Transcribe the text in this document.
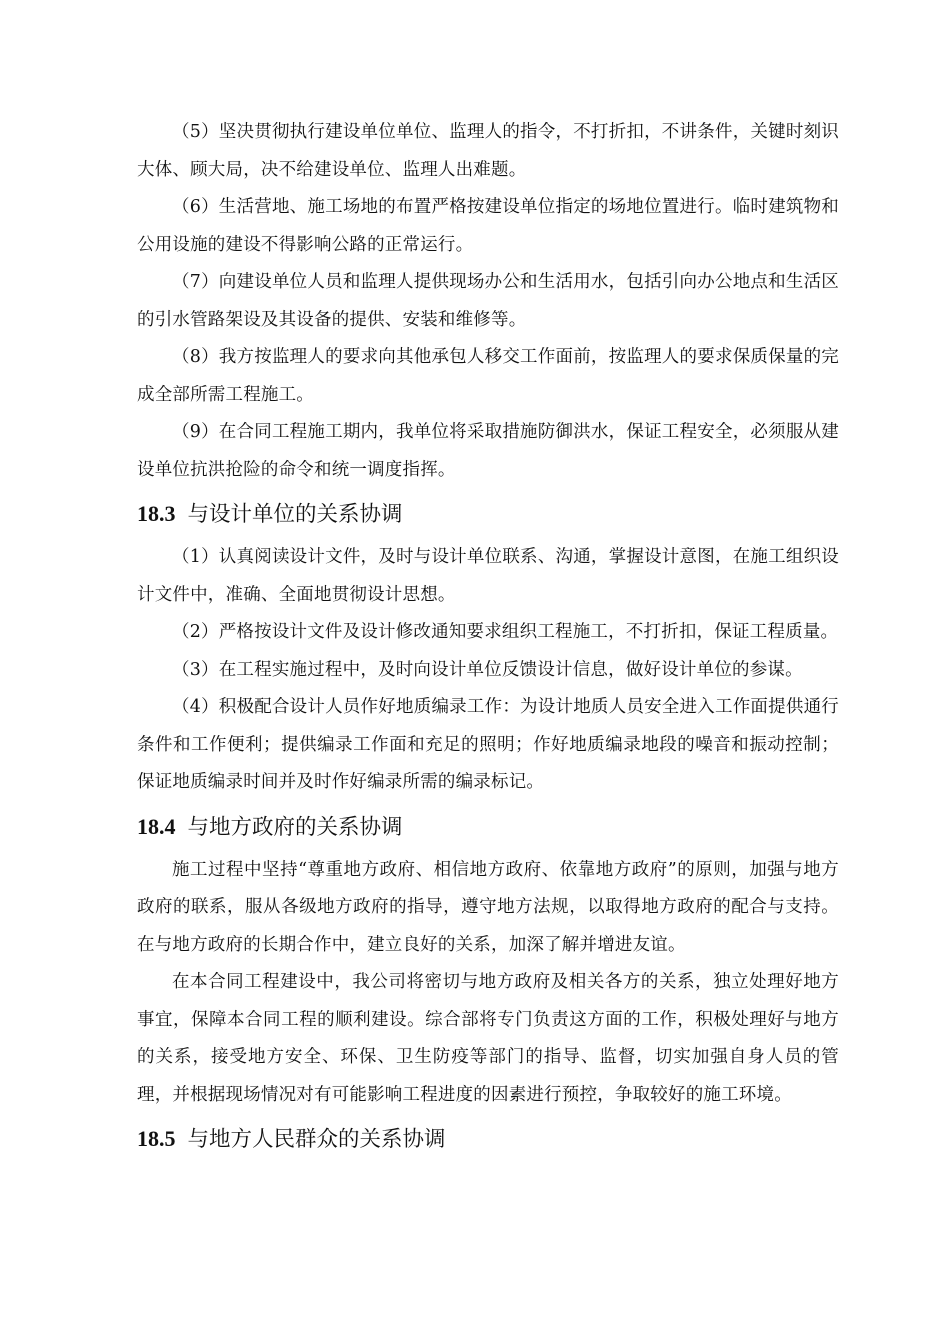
（5）坚决贯彻执行建设单位单位、监理人的指令，不打折扣，不讲条件，关键时刻识大体、顾大局，决不给建设单位、监理人出难题。

（6）生活营地、施工场地的布置严格按建设单位指定的场地位置进行。临时建筑物和公用设施的建设不得影响公路的正常运行。

（7）向建设单位人员和监理人提供现场办公和生活用水，包括引向办公地点和生活区的引水管路架设及其设备的提供、安装和维修等。

（8）我方按监理人的要求向其他承包人移交工作面前，按监理人的要求保质保量的完成全部所需工程施工。

（9）在合同工程施工期内，我单位将采取措施防御洪水，保证工程安全，必须服从建设单位抗洪抢险的命令和统一调度指挥。

18.3 与设计单位的关系协调

（1）认真阅读设计文件，及时与设计单位联系、沟通，掌握设计意图，在施工组织设计文件中，准确、全面地贯彻设计思想。

（2）严格按设计文件及设计修改通知要求组织工程施工，不打折扣，保证工程质量。

（3）在工程实施过程中，及时向设计单位反馈设计信息，做好设计单位的参谋。

（4）积极配合设计人员作好地质编录工作：为设计地质人员安全进入工作面提供通行条件和工作便利；提供编录工作面和充足的照明；作好地质编录地段的噪音和振动控制；保证地质编录时间并及时作好编录所需的编录标记。

18.4 与地方政府的关系协调

施工过程中坚持“尊重地方政府、相信地方政府、依靠地方政府”的原则，加强与地方政府的联系，服从各级地方政府的指导，遵守地方法规，以取得地方政府的配合与支持。在与地方政府的长期合作中，建立良好的关系，加深了解并增进友谊。

在本合同工程建设中，我公司将密切与地方政府及相关各方的关系，独立处理好地方事宜，保障本合同工程的顺利建设。综合部将专门负责这方面的工作，积极处理好与地方的关系，接受地方安全、环保、卫生防疫等部门的指导、监督，切实加强自身人员的管理，并根据现场情况对有可能影响工程进度的因素进行预控，争取较好的施工环境。

18.5 与地方人民群众的关系协调
